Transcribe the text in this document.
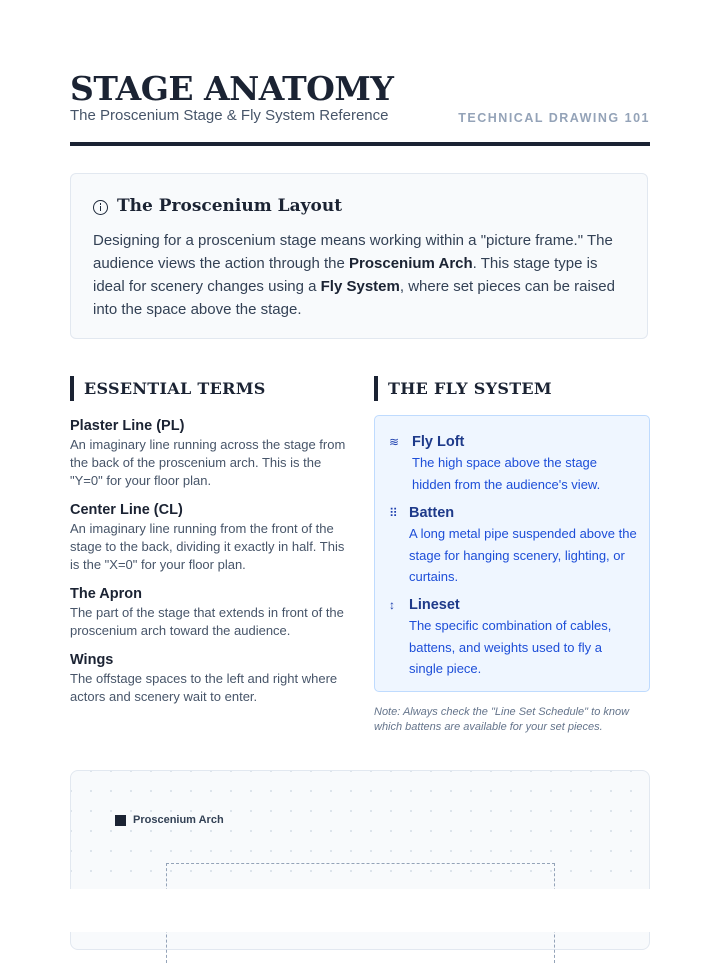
STAGE ANATOMY
The Proscenium Stage & Fly System Reference	TECHNICAL DRAWING 101
The Proscenium Layout
Designing for a proscenium stage means working within a "picture frame." The audience views the action through the Proscenium Arch. This stage type is ideal for scenery changes using a Fly System, where set pieces can be raised into the space above the stage.
ESSENTIAL TERMS	THE FLY SYSTEM
Plaster Line (PL)
An imaginary line running across the stage from the back of the proscenium arch. This is the "Y=0" for your floor plan.
Center Line (CL)
An imaginary line running from the front of the stage to the back, dividing it exactly in half. This is the "X=0" for your floor plan.
The Apron
The part of the stage that extends in front of the proscenium arch toward the audience.
Wings
The offstage spaces to the left and right where actors and scenery wait to enter.
≋ Fly Loft
The high space above the stage hidden from the audience's view.
⠿ Batten
A long metal pipe suspended above the stage for hanging scenery, lighting, or curtains.
↕ Lineset
The specific combination of cables, battens, and weights used to fly a single piece.
Note: Always check the "Line Set Schedule" to know which battens are available for your set pieces.
Proscenium Arch
